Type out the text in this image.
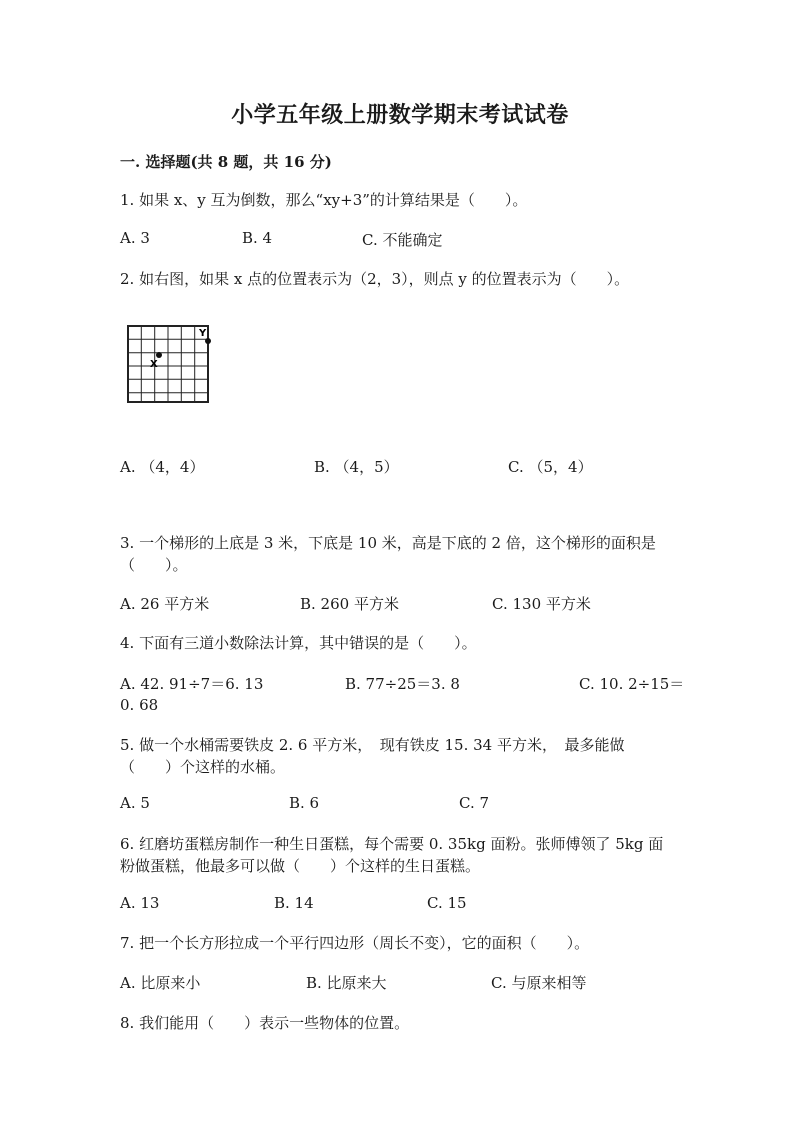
小学五年级上册数学期末考试试卷
一. 选择题(共 8 题，共 16 分)
1. 如果 x、y 互为倒数，那么“xy+3”的计算结果是（　　）。
A. 3	B. 4	C. 不能确定
2. 如右图，如果 x 点的位置表示为（2，3），则点 y 的位置表示为（　　）。
X
Y
A. （4，4）	B. （4，5）	C. （5，4）
3. 一个梯形的上底是 3 米，下底是 10 米，高是下底的 2 倍，这个梯形的面积是
（　　）。
A. 26 平方米	B. 260 平方米	C. 130 平方米
4. 下面有三道小数除法计算，其中错误的是（　　）。
A. 42. 91÷7＝6. 13	B. 77÷25＝3. 8	C. 10. 2÷15＝
0. 68
5. 做一个水桶需要铁皮 2. 6 平方米，　现有铁皮 15. 34 平方米，　最多能做
（　　）个这样的水桶。
A. 5	B. 6	C. 7
6. 红磨坊蛋糕房制作一种生日蛋糕，每个需要 0. 35kg 面粉。张师傅领了 5kg 面
粉做蛋糕，他最多可以做（　　）个这样的生日蛋糕。
A. 13	B. 14	C. 15
7. 把一个长方形拉成一个平行四边形（周长不变），它的面积（　　）。
A. 比原来小	B. 比原来大	C. 与原来相等
8. 我们能用（　　）表示一些物体的位置。
